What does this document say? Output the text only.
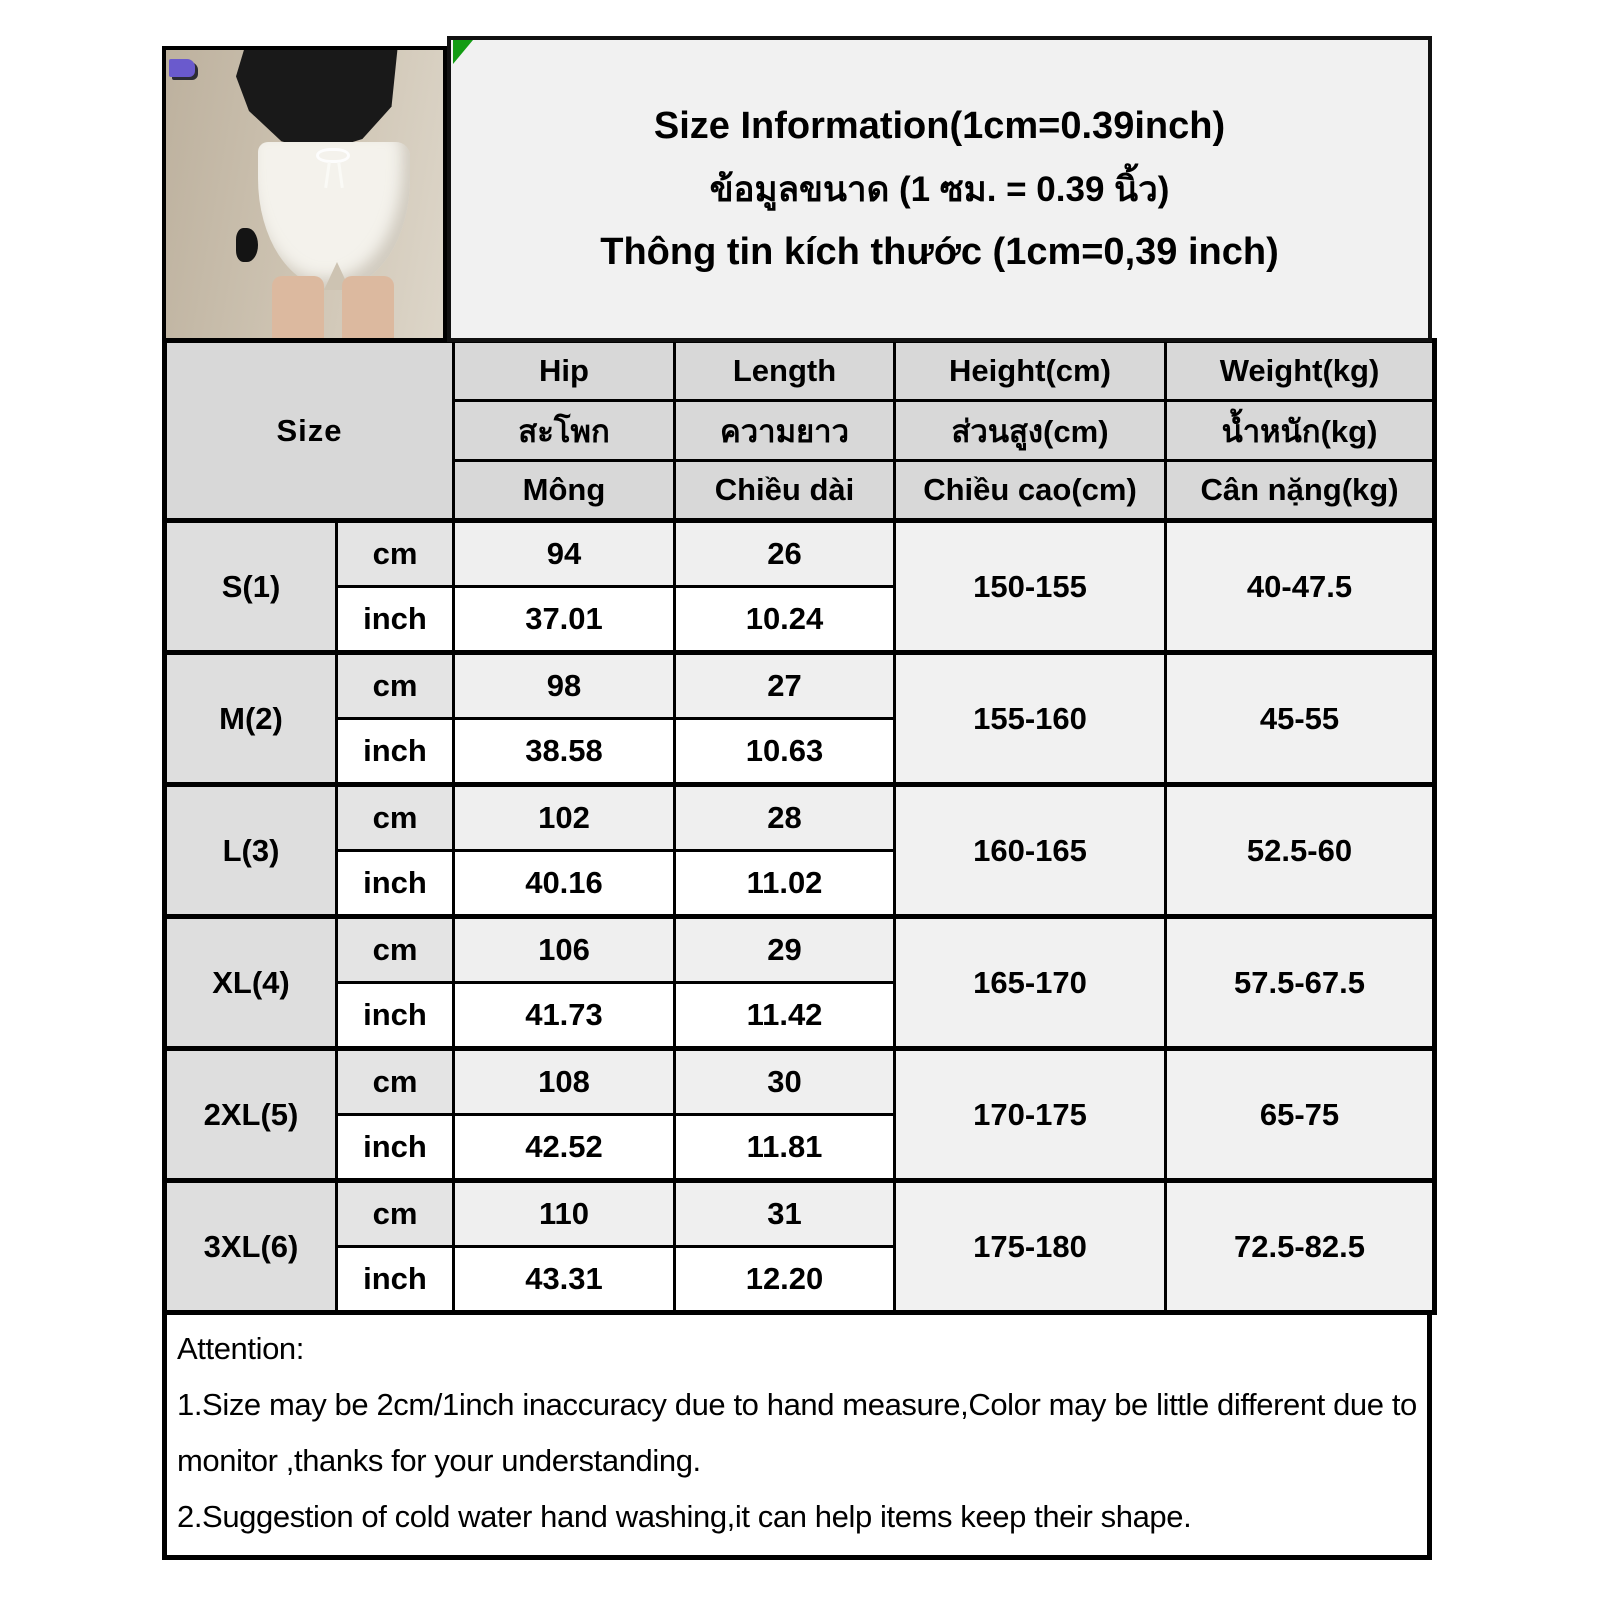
Size Information(1cm=0.39inch)
ข้อมูลขนาด (1 ซม. = 0.39 นิ้ว)
Thông tin kích thước (1cm=0,39 inch)
Size		Hip	Length	Height(cm)	Weight(kg)
		สะโพก	ความยาว	ส่วนสูง(cm)	น้ำหนัก(kg)
		Mông	Chiều dài	Chiều cao(cm)	Cân nặng(kg)
S(1)	cm	94	26	150-155	40-47.5
	inch	37.01	10.24		
M(2)	cm	98	27	155-160	45-55
	inch	38.58	10.63		
L(3)	cm	102	28	160-165	52.5-60
	inch	40.16	11.02		
XL(4)	cm	106	29	165-170	57.5-67.5
	inch	41.73	11.42		
2XL(5)	cm	108	30	170-175	65-75
	inch	42.52	11.81		
3XL(6)	cm	110	31	175-180	72.5-82.5
	inch	43.31	12.20		
Attention:
1.Size may be 2cm/1inch inaccuracy due to hand measure,Color may be little different due to monitor ,thanks for your understanding.
2.Suggestion of cold water hand washing,it can help items keep their shape.
